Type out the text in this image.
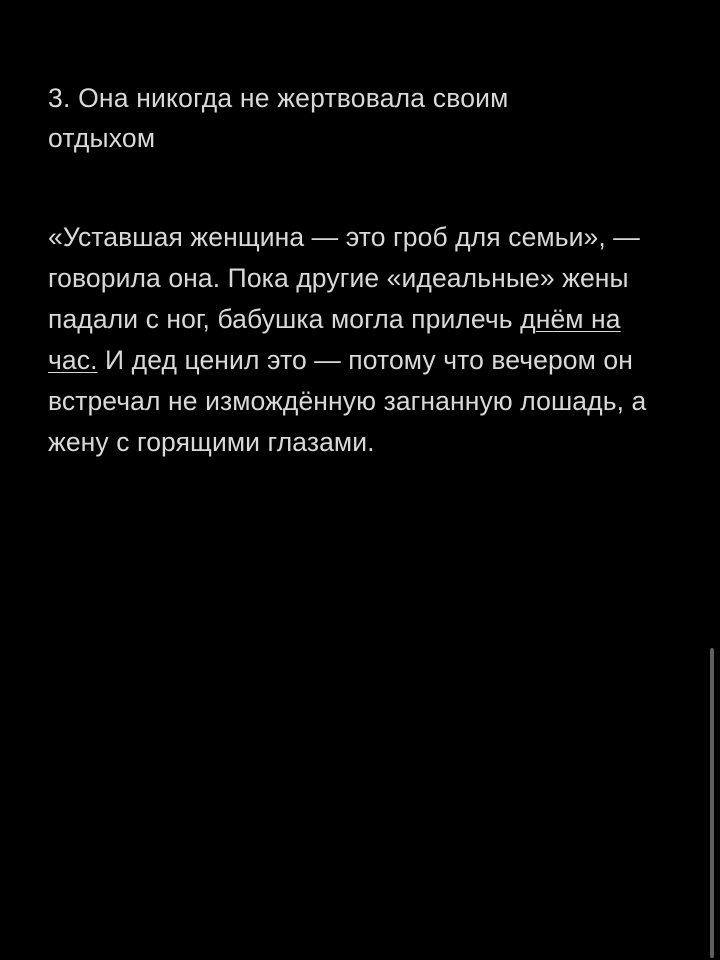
3. Она никогда не жертвовала своим отдыхом

«Уставшая женщина — это гроб для семьи», — говорила она. Пока другие «идеальные» жены падали с ног, бабушка могла прилечь днём на час. И дед ценил это — потому что вечером он встречал не измождённую загнанную лошадь, а жену с горящими глазами.
